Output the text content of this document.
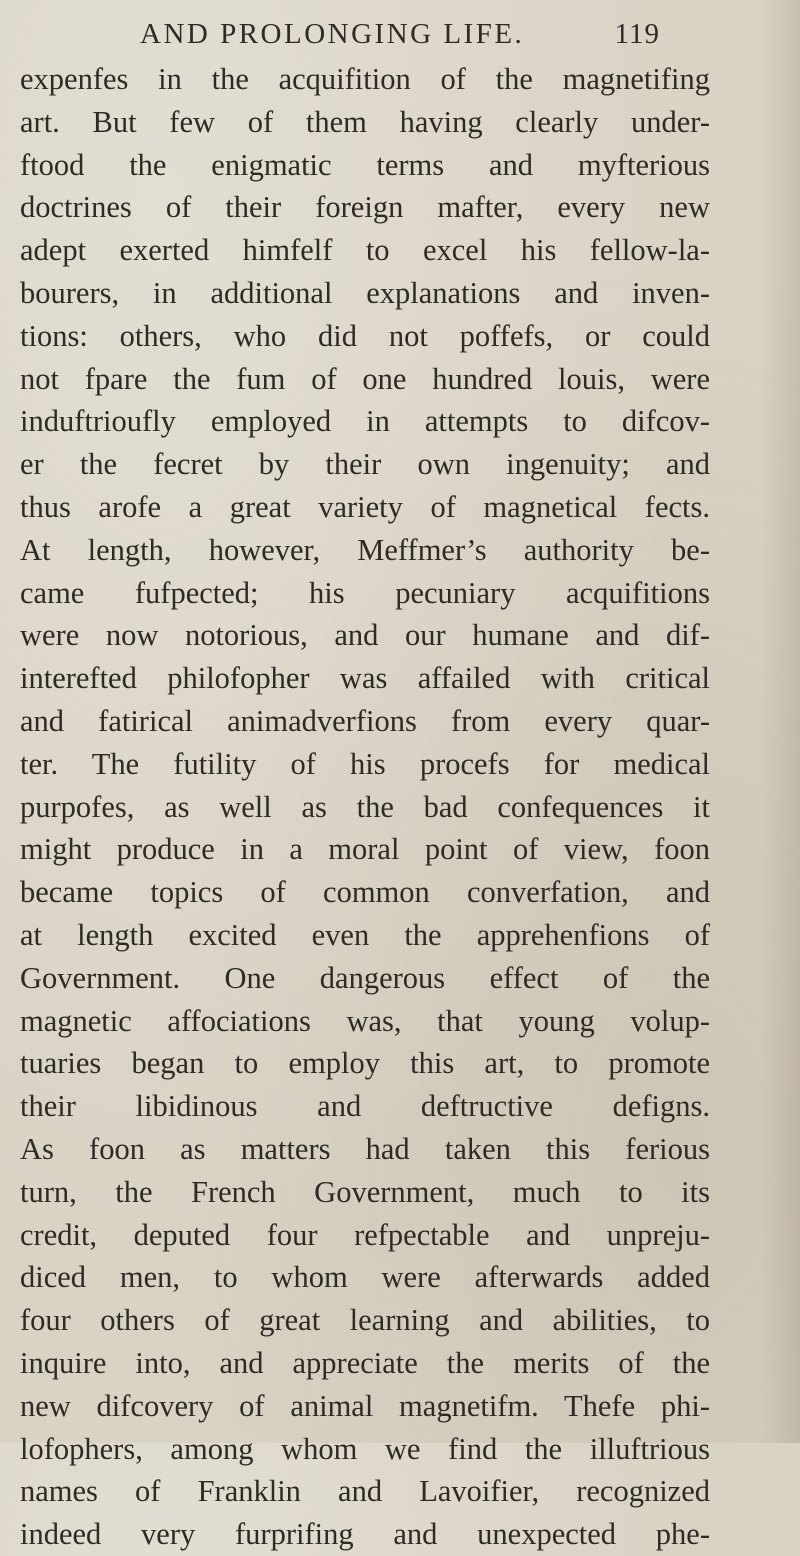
AND PROLONGING LIFE.	119
expenfes in the acquifition of the magnetifing
art. But few of them having clearly under-
ftood the enigmatic terms and myfterious
doctrines of their foreign mafter, every new
adept exerted himfelf to excel his fellow-la-
bourers, in additional explanations and inven-
tions: others, who did not poffefs, or could
not fpare the fum of one hundred louis, were
induftrioufly employed in attempts to difcov-
er the fecret by their own ingenuity; and
thus arofe a great variety of magnetical fects.
At length, however, Meffmer’s authority be-
came fufpected; his pecuniary acquifitions
were now notorious, and our humane and dif-
interefted philofopher was affailed with critical
and fatirical animadverfions from every quar-
ter. The futility of his procefs for medical
purpofes, as well as the bad confequences it
might produce in a moral point of view, foon
became topics of common converfation, and
at length excited even the apprehenfions of
Government. One dangerous effect of the
magnetic affociations was, that young volup-
tuaries began to employ this art, to promote
their libidinous and deftructive defigns.
As foon as matters had taken this ferious
turn, the French Government, much to its
credit, deputed four refpectable and unpreju-
diced men, to whom were afterwards added
four others of great learning and abilities, to
inquire into, and appreciate the merits of the
new difcovery of animal magnetifm. Thefe phi-
lofophers, among whom we find the illuftrious
names of Franklin and Lavoifier, recognized
indeed very furprifing and unexpected phe-
